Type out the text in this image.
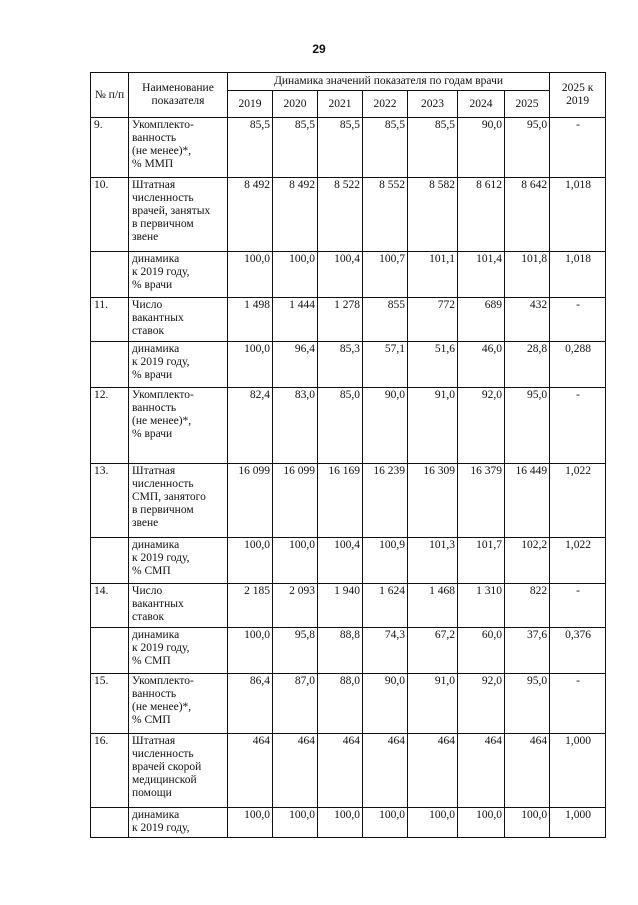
29
№ п/п	Наименование показателя	Динамика значений показателя по годам врачи							2025 к 2019
		2019	2020	2021	2022	2023	2024	2025	
9.	Укомплекто-
ванность
(не менее)*,
% ММП	85,5	85,5	85,5	85,5	85,5	90,0	95,0	-
10.	Штатная
численность
врачей, занятых
в первичном
звене	8 492	8 492	8 522	8 552	8 582	8 612	8 642	1,018

	динамика
к 2019 году,
% врачи	100,0	100,0	100,4	100,7	101,1	101,4	101,8	1,018
11.	Число
вакантных
ставок	1 498	1 444	1 278	855	772	689	432	-

	динамика
к 2019 году,
% врачи	100,0	96,4	85,3	57,1	51,6	46,0	28,8	0,288
12.	Укомплекто-
ванность
(не менее)*,
% врачи	82,4	83,0	85,0	90,0	91,0	92,0	95,0	-
13.	Штатная
численность
СМП, занятого
в первичном
звене	16 099	16 099	16 169	16 239	16 309	16 379	16 449	1,022

	динамика
к 2019 году,
% СМП	100,0	100,0	100,4	100,9	101,3	101,7	102,2	1,022
14.	Число
вакантных
ставок	2 185	2 093	1 940	1 624	1 468	1 310	822	-

	динамика
к 2019 году,
% СМП	100,0	95,8	88,8	74,3	67,2	60,0	37,6	0,376
15.	Укомплекто-
ванность
(не менее)*,
% СМП	86,4	87,0	88,0	90,0	91,0	92,0	95,0	-
16.	Штатная
численность
врачей скорой
медицинской
помощи	464	464	464	464	464	464	464	1,000

	динамика
к 2019 году,	100,0	100,0	100,0	100,0	100,0	100,0	100,0	1,000
